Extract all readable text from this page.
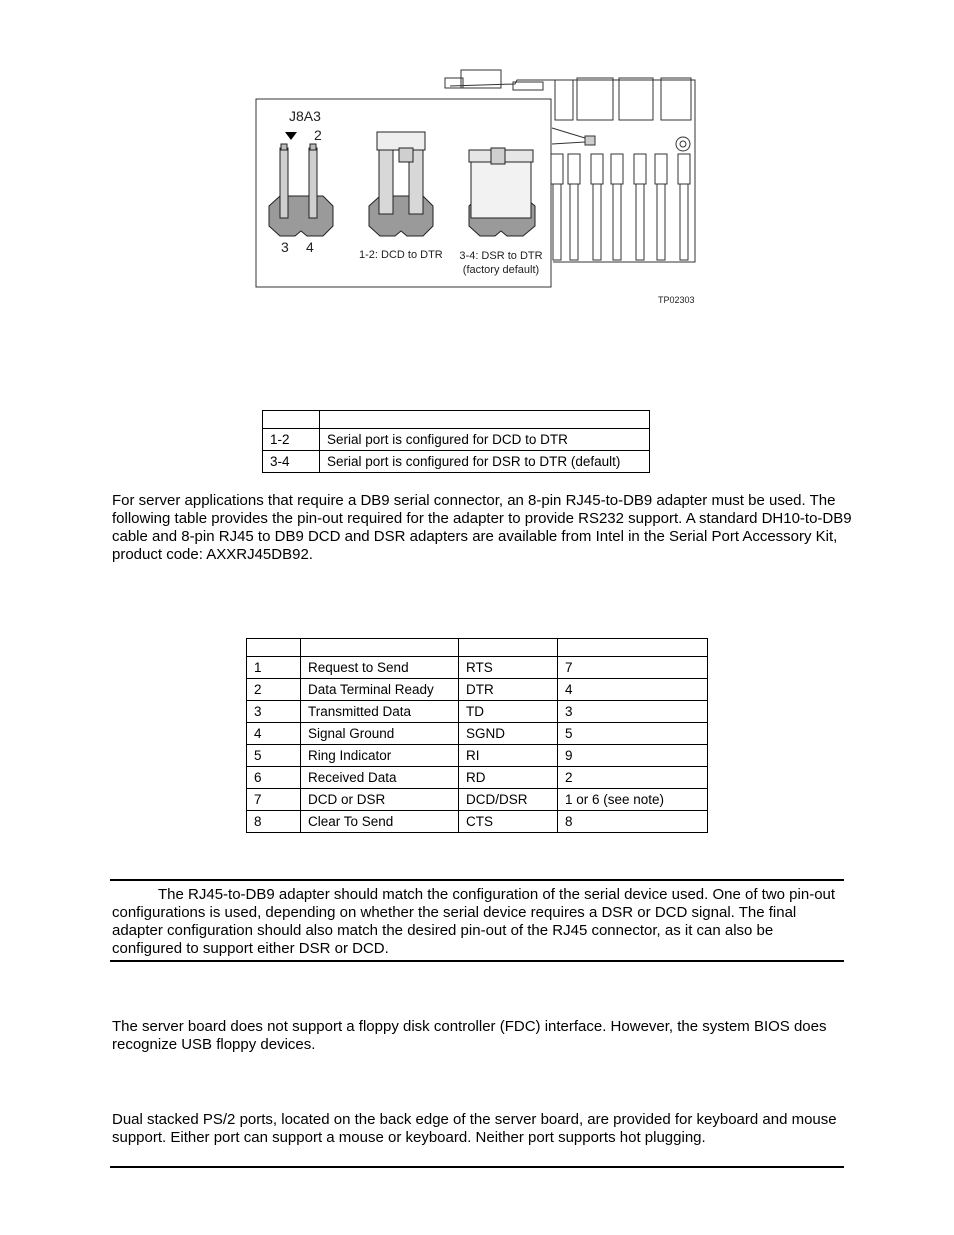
J8A3
2
3 4	1-2: DCD to DTR 3-4: DSR to DTR
(factory default)
TP02303

1-2	Serial port is configured for DCD to DTR
3-4	Serial port is configured for DSR to DTR (default)

For server applications that require a DB9 serial connector, an 8-pin RJ45-to-DB9 adapter must be used. The following table provides the pin-out required for the adapter to provide RS232 support. A standard DH10-to-DB9 cable and 8-pin RJ45 to DB9 DCD and DSR adapters are available from Intel in the Serial Port Accessory Kit, product code: AXXRJ45DB92.

1	Request to Send	RTS	7
2	Data Terminal Ready	DTR	4
3	Transmitted Data	TD	3
4	Signal Ground	SGND	5
5	Ring Indicator	RI	9
6	Received Data	RD	2
7	DCD or DSR	DCD/DSR	1 or 6 (see note)
8	Clear To Send	CTS	8

The RJ45-to-DB9 adapter should match the configuration of the serial device used. One of two pin-out configurations is used, depending on whether the serial device requires a DSR or DCD signal. The final adapter configuration should also match the desired pin-out of the RJ45 connector, as it can also be configured to support either DSR or DCD.

The server board does not support a floppy disk controller (FDC) interface. However, the system BIOS does recognize USB floppy devices.

Dual stacked PS/2 ports, located on the back edge of the server board, are provided for keyboard and mouse support. Either port can support a mouse or keyboard. Neither port supports hot plugging.
